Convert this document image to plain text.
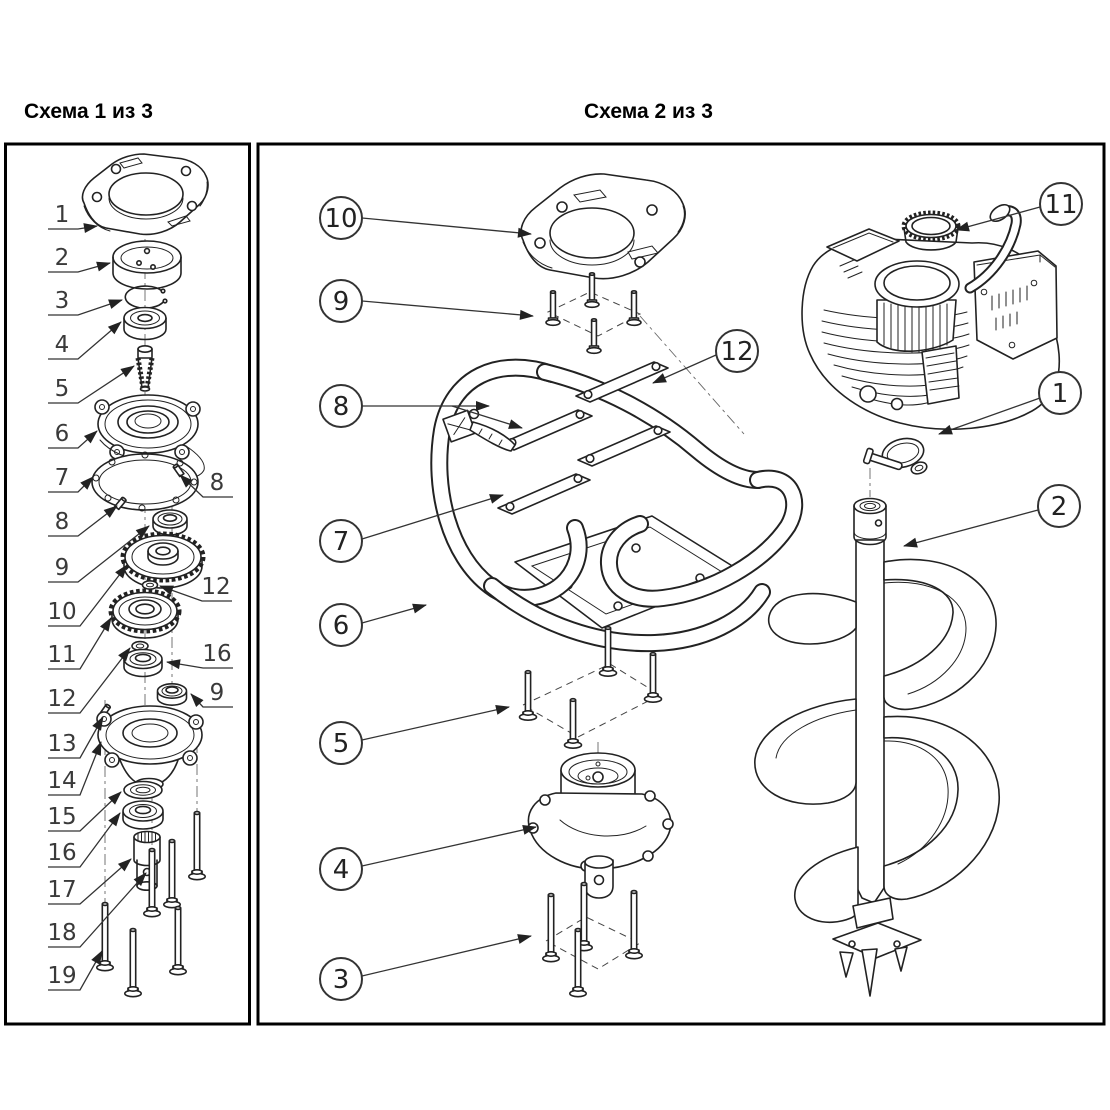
Схема 1 из 3	Схема 2 из 3
1
2
3
4
5
6
7
8
9
10
11
12
13
14
15
16
17
18
19
8
12
16
9
10
9
12
8
7
6
5
4
3
11
1
2
